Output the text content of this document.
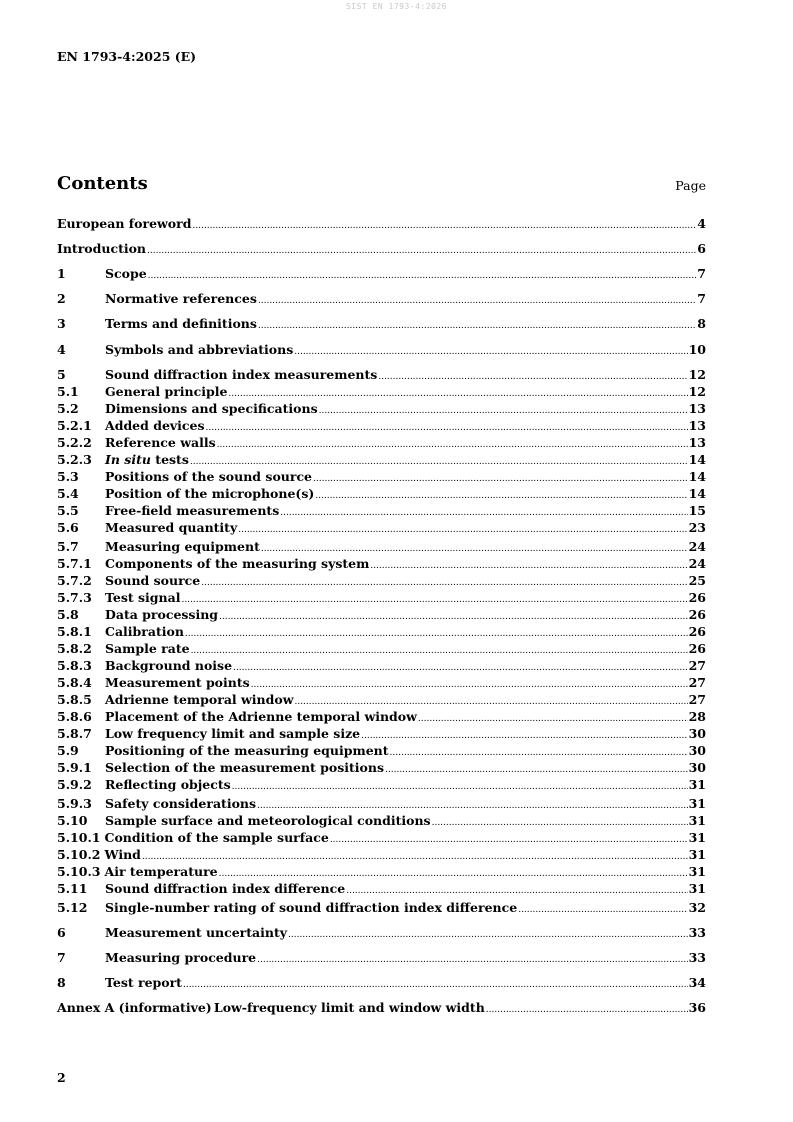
SIST EN 1793-4:2026
EN 1793-4:2025 (E)
Contents	Page
European foreword .....	4
Introduction .....	6
1	Scope .....	7
2	Normative references .....	7
3	Terms and definitions .....	8
4	Symbols and abbreviations .....	10
5	Sound diffraction index measurements .....	12
5.1	General principle .....	12
5.2	Dimensions and specifications .....	13
5.2.1	Added devices .....	13
5.2.2	Reference walls .....	13
5.2.3	In situ tests .....	14
5.3	Positions of the sound source .....	14
5.4	Position of the microphone(s) .....	14
5.5	Free-field measurements .....	15
5.6	Measured quantity .....	23
5.7	Measuring equipment .....	24
5.7.1	Components of the measuring system .....	24
5.7.2	Sound source .....	25
5.7.3	Test signal .....	26
5.8	Data processing .....	26
5.8.1	Calibration .....	26
5.8.2	Sample rate .....	26
5.8.3	Background noise .....	27
5.8.4	Measurement points .....	27
5.8.5	Adrienne temporal window .....	27
5.8.6	Placement of the Adrienne temporal window .....	28
5.8.7	Low frequency limit and sample size .....	30
5.9	Positioning of the measuring equipment .....	30
5.9.1	Selection of the measurement positions .....	30
5.9.2	Reflecting objects .....	31
5.9.3	Safety considerations .....	31
5.10	Sample surface and meteorological conditions .....	31
5.10.1 Condition of the sample surface .....	31
5.10.2 Wind .....	31
5.10.3 Air temperature .....	31
5.11	Sound diffraction index difference .....	31
5.12	Single-number rating of sound diffraction index difference .....	32
6	Measurement uncertainty .....	33
7	Measuring procedure .....	33
8	Test report .....	34
Annex A (informative) Low-frequency limit and window width .....	36
2
